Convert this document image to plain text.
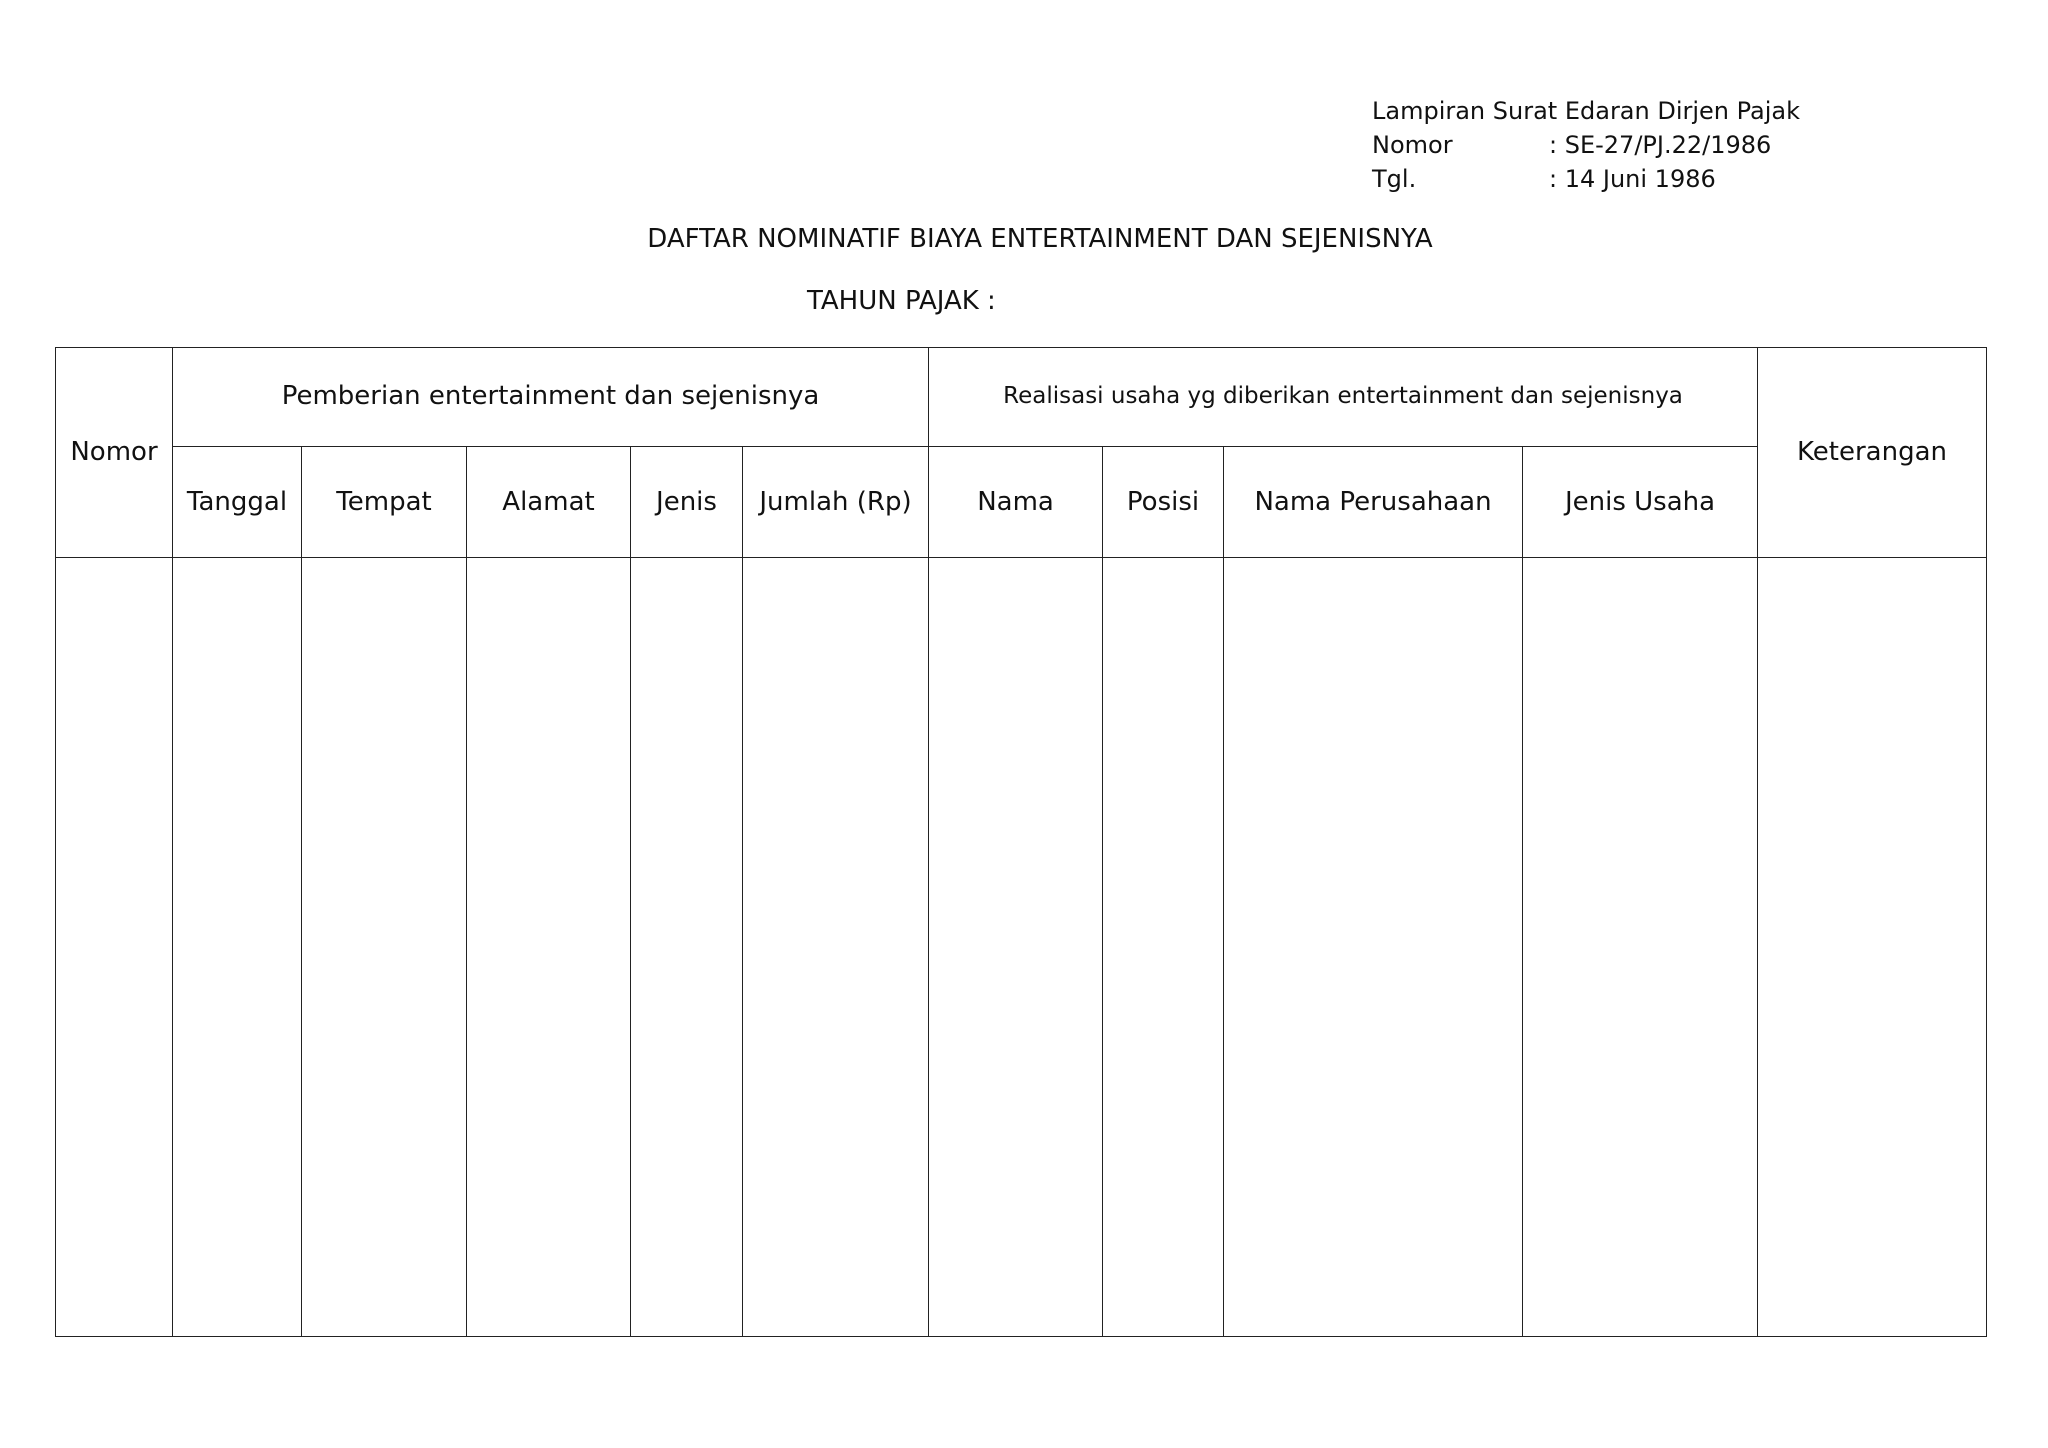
Lampiran Surat Edaran Dirjen Pajak
Nomor	: SE-27/PJ.22/1986
Tgl.	: 14 Juni 1986
DAFTAR NOMINATIF BIAYA ENTERTAINMENT DAN SEJENISNYA
TAHUN PAJAK :
Nomor	Pemberian entertainment dan sejenisnya					Realisasi usaha yg diberikan entertainment dan sejenisnya				Keterangan
	Tanggal	Tempat	Alamat	Jenis	Jumlah (Rp)	Nama	Posisi	Nama Perusahaan	Jenis Usaha	
